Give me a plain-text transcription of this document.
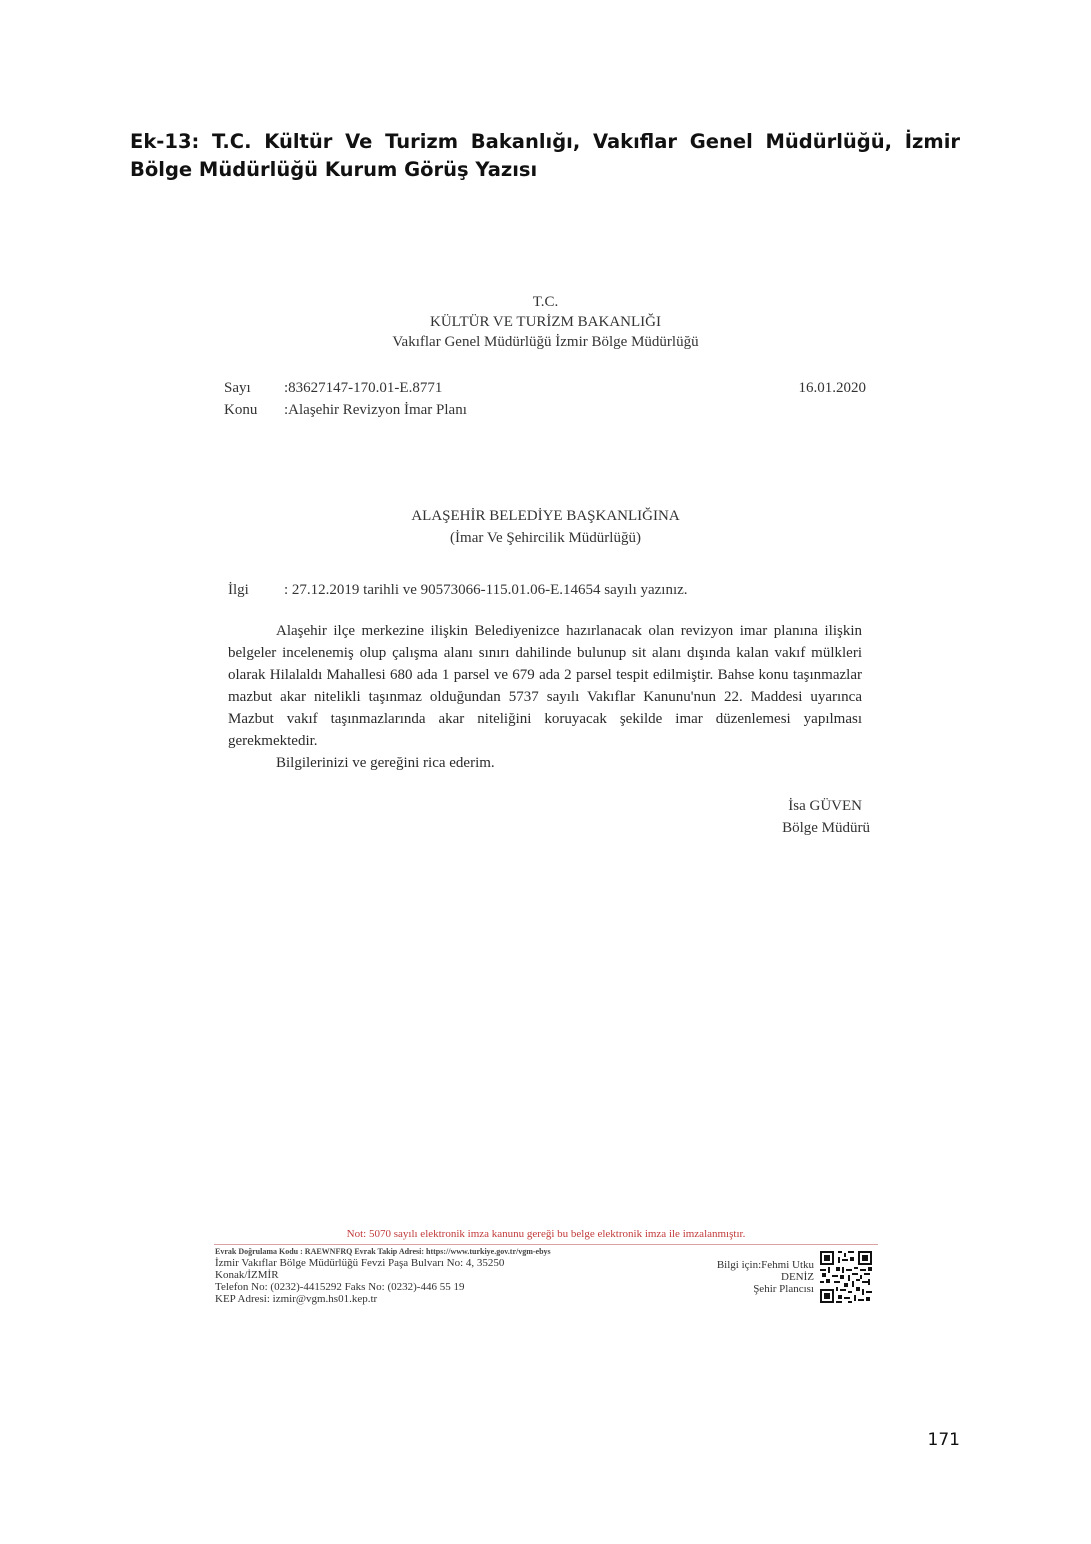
Ek-13: T.C. Kültür Ve Turizm Bakanlığı, Vakıflar Genel Müdürlüğü, İzmir Bölge Müdürlüğü Kurum Görüş Yazısı
T.C.
KÜLTÜR VE TURİZM BAKANLIĞI
Vakıflar Genel Müdürlüğü İzmir Bölge Müdürlüğü
Sayı :83627147-170.01-E.8771	16.01.2020
Konu :Alaşehir Revizyon İmar Planı
ALAŞEHİR BELEDİYE BAŞKANLIĞINA
(İmar Ve Şehircilik Müdürlüğü)
İlgi : 27.12.2019 tarihli ve 90573066-115.01.06-E.14654 sayılı yazınız.

Alaşehir ilçe merkezine ilişkin Belediyenizce hazırlanacak olan revizyon imar planına ilişkin belgeler incelenemiş olup çalışma alanı sınırı dahilinde bulunup sit alanı dışında kalan vakıf mülkleri olarak Hilalaldı Mahallesi 680 ada 1 parsel ve 679 ada 2 parsel tespit edilmiştir. Bahse konu taşınmazlar mazbut akar nitelikli taşınmaz olduğundan 5737 sayılı Vakıflar Kanunu'nun 22. Maddesi uyarınca Mazbut vakıf taşınmazlarında akar niteliğini koruyacak şekilde imar düzenlemesi yapılması gerekmektedir.

Bilgilerinizi ve gereğini rica ederim.

İsa GÜVEN
Bölge Müdürü
Not: 5070 sayılı elektronik imza kanunu gereği bu belge elektronik imza ile imzalanmıştır.
Evrak Doğrulama Kodu : RAEWNFRQ Evrak Takip Adresi: https://www.turkiye.gov.tr/vgm-ebys
İzmir Vakıflar Bölge Müdürlüğü Fevzi Paşa Bulvarı No: 4, 35250
Konak/İZMİR
Telefon No: (0232)-4415292 Faks No: (0232)-446 55 19
KEP Adresi: izmir@vgm.hs01.kep.tr
Bilgi için:Fehmi Utku
DENİZ
Şehir Plancısı
171
